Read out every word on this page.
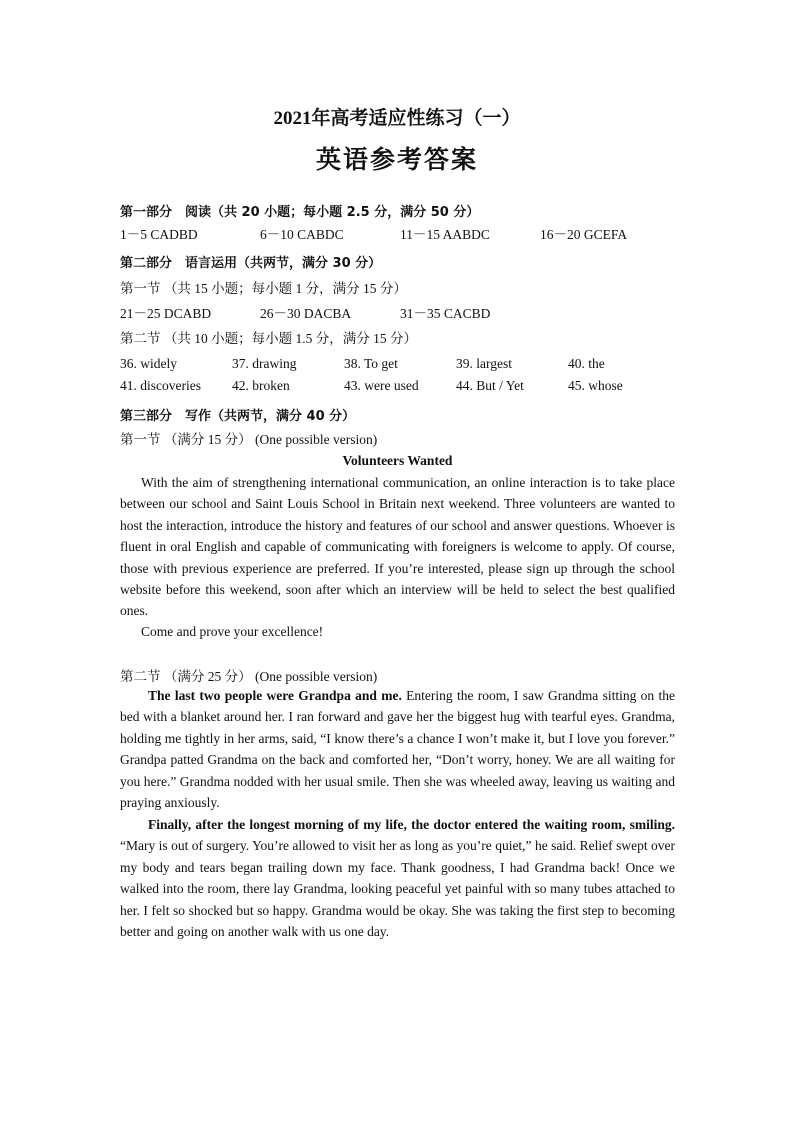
2021年高考适应性练习（一）
英语参考答案
第一部分　阅读（共 20 小题；每小题 2.5 分，满分 50 分）
1－5 CADBD	6－10 CABDC	11－15 AABDC	16－20 GCEFA
第二部分　语言运用（共两节，满分 30 分）
第一节 （共 15 小题；每小题 1 分，满分 15 分）
21－25 DCABD	26－30 DACBA	31－35 CACBD
第二节 （共 10 小题；每小题 1.5 分，满分 15 分）
36. widely	37. drawing	38. To get	39. largest	40. the
41. discoveries 42. broken	43. were used	44. But / Yet	45. whose
第三部分　写作（共两节，满分 40 分）
第一节 （满分 15 分） (One possible version)
Volunteers Wanted
With the aim of strengthening international communication, an online interaction is to take place between our school and Saint Louis School in Britain next weekend. Three volunteers are wanted to host the interaction, introduce the history and features of our school and answer questions. Whoever is fluent in oral English and capable of communicating with foreigners is welcome to apply. Of course, those with previous experience are preferred. If you’re interested, please sign up through the school website before this weekend, soon after which an interview will be held to select the best qualified ones.
Come and prove your excellence!
第二节 （满分 25 分） (One possible version)
The last two people were Grandpa and me. Entering the room, I saw Grandma sitting on the bed with a blanket around her. I ran forward and gave her the biggest hug with tearful eyes. Grandma, holding me tightly in her arms, said, “I know there’s a chance I won’t make it, but I love you forever.” Grandpa patted Grandma on the back and comforted her, “Don’t worry, honey. We are all waiting for you here.” Grandma nodded with her usual smile. Then she was wheeled away, leaving us waiting and praying anxiously.
Finally, after the longest morning of my life, the doctor entered the waiting room, smiling. “Mary is out of surgery. You’re allowed to visit her as long as you’re quiet,” he said. Relief swept over my body and tears began trailing down my face. Thank goodness, I had Grandma back! Once we walked into the room, there lay Grandma, looking peaceful yet painful with so many tubes attached to her. I felt so shocked but so happy. Grandma would be okay. She was taking the first step to becoming better and going on another walk with us one day.
